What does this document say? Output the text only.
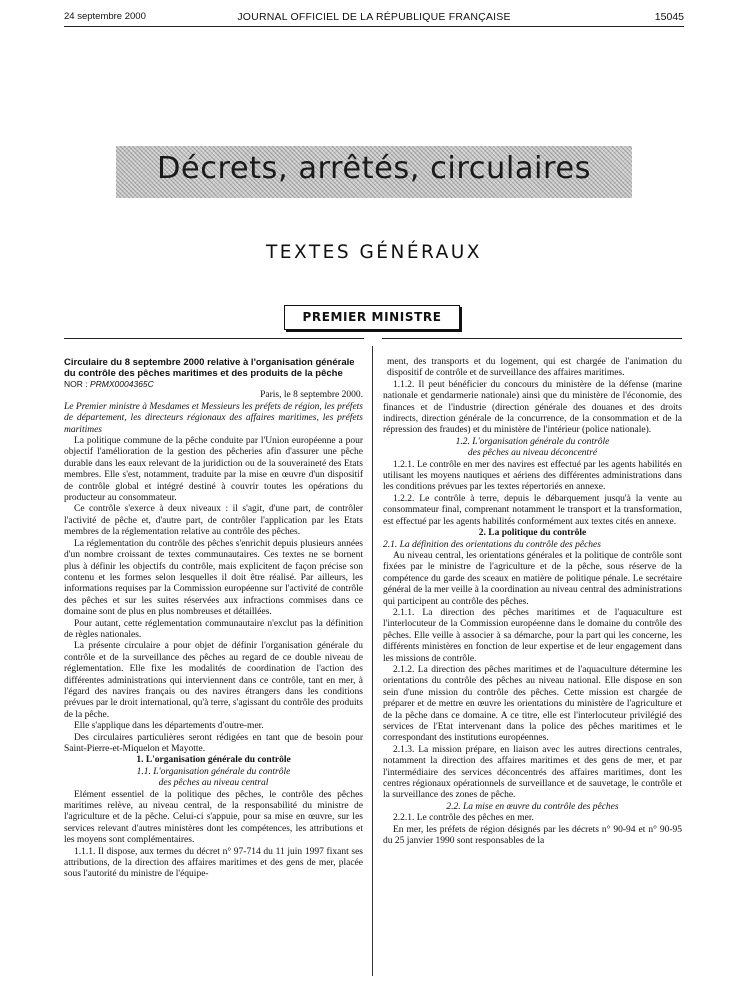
24 septembre 2000	JOURNAL OFFICIEL DE LA RÉPUBLIQUE FRANÇAISE	15045
Décrets, arrêtés, circulaires
TEXTES GÉNÉRAUX
PREMIER MINISTRE

Circulaire du 8 septembre 2000 relative à l'organisation générale du contrôle des pêches maritimes et des produits de la pêche

NOR : PRMX0004365C

Paris, le 8 septembre 2000.

Le Premier ministre à Mesdames et Messieurs les préfets de région, les préfets de département, les directeurs régionaux des affaires maritimes, les préfets maritimes

La politique commune de la pêche conduite par l'Union européenne a pour objectif l'amélioration de la gestion des pêcheries afin d'assurer une pêche durable dans les eaux relevant de la juridiction ou de la souveraineté des Etats membres. Elle s'est, notamment, traduite par la mise en œuvre d'un dispositif de contrôle global et intégré destiné à couvrir toutes les opérations du producteur au consommateur.

Ce contrôle s'exerce à deux niveaux : il s'agit, d'une part, de contrôler l'activité de pêche et, d'autre part, de contrôler l'application par les Etats membres de la réglementation relative au contrôle des pêches.

La réglementation du contrôle des pêches s'enrichit depuis plusieurs années d'un nombre croissant de textes communautaires. Ces textes ne se bornent plus à définir les objectifs du contrôle, mais explicitent de façon précise son contenu et les formes selon lesquelles il doit être réalisé. Par ailleurs, les informations requises par la Commission européenne sur l'activité de contrôle des pêches et sur les suites réservées aux infractions commises dans ce domaine sont de plus en plus nombreuses et détaillées.

Pour autant, cette réglementation communautaire n'exclut pas la définition de règles nationales.

La présente circulaire a pour objet de définir l'organisation générale du contrôle et de la surveillance des pêches au regard de ce double niveau de réglementation. Elle fixe les modalités de coordination de l'action des différentes administrations qui interviennent dans ce contrôle, tant en mer, à l'égard des navires français ou des navires étrangers dans les conditions prévues par le droit international, qu'à terre, s'agissant du contrôle des produits de la pêche.

Elle s'applique dans les départements d'outre-mer.

Des circulaires particulières seront rédigées en tant que de besoin pour Saint-Pierre-et-Miquelon et Mayotte.

1. L'organisation générale du contrôle

1.1. L'organisation générale du contrôle
des pêches au niveau central

Elément essentiel de la politique des pêches, le contrôle des pêches maritimes relève, au niveau central, de la responsabilité du ministre de l'agriculture et de la pêche. Celui-ci s'appuie, pour sa mise en œuvre, sur les services relevant d'autres ministères dont les compétences, les attributions et les moyens sont complémentaires.

1.1.1. Il dispose, aux termes du décret n° 97-714 du 11 juin 1997 fixant ses attributions, de la direction des affaires maritimes et des gens de mer, placée sous l'autorité du ministre de l'équipe-

ment, des transports et du logement, qui est chargée de l'animation du dispositif de contrôle et de surveillance des affaires maritimes.

1.1.2. Il peut bénéficier du concours du ministère de la défense (marine nationale et gendarmerie nationale) ainsi que du ministère de l'économie, des finances et de l'industrie (direction générale des douanes et des droits indirects, direction générale de la concurrence, de la consommation et de la répression des fraudes) et du ministère de l'intérieur (police nationale).

1.2. L'organisation générale du contrôle
des pêches au niveau déconcentré

1.2.1. Le contrôle en mer des navires est effectué par les agents habilités en utilisant les moyens nautiques et aériens des différentes administrations dans les conditions prévues par les textes répertoriés en annexe.

1.2.2. Le contrôle à terre, depuis le débarquement jusqu'à la vente au consommateur final, comprenant notamment le transport et la transformation, est effectué par les agents habilités conformément aux textes cités en annexe.

2. La politique du contrôle

2.1. La définition des orientations du contrôle des pêches

Au niveau central, les orientations générales et la politique de contrôle sont fixées par le ministre de l'agriculture et de la pêche, sous réserve de la compétence du garde des sceaux en matière de politique pénale. Le secrétaire général de la mer veille à la coordination au niveau central des administrations qui participent au contrôle des pêches.

2.1.1. La direction des pêches maritimes et de l'aquaculture est l'interlocuteur de la Commission européenne dans le domaine du contrôle des pêches. Elle veille à associer à sa démarche, pour la part qui les concerne, les différents ministères en fonction de leur expertise et de leur engagement dans les missions de contrôle.

2.1.2. La direction des pêches maritimes et de l'aquaculture détermine les orientations du contrôle des pêches au niveau national. Elle dispose en son sein d'une mission du contrôle des pêches. Cette mission est chargée de préparer et de mettre en œuvre les orientations du ministère de l'agriculture et de la pêche dans ce domaine. A ce titre, elle est l'interlocuteur privilégié des services de l'Etat intervenant dans la police des pêches maritimes et le correspondant des institutions européennes.

2.1.3. La mission prépare, en liaison avec les autres directions centrales, notamment la direction des affaires maritimes et des gens de mer, et par l'intermédiaire des services déconcentrés des affaires maritimes, dont les centres régionaux opérationnels de surveillance et de sauvetage, le contrôle et la surveillance des zones de pêche.

2.2. La mise en œuvre du contrôle des pêches

2.2.1. Le contrôle des pêches en mer.

En mer, les préfets de région désignés par les décrets n° 90-94 et n° 90-95 du 25 janvier 1990 sont responsables de la
